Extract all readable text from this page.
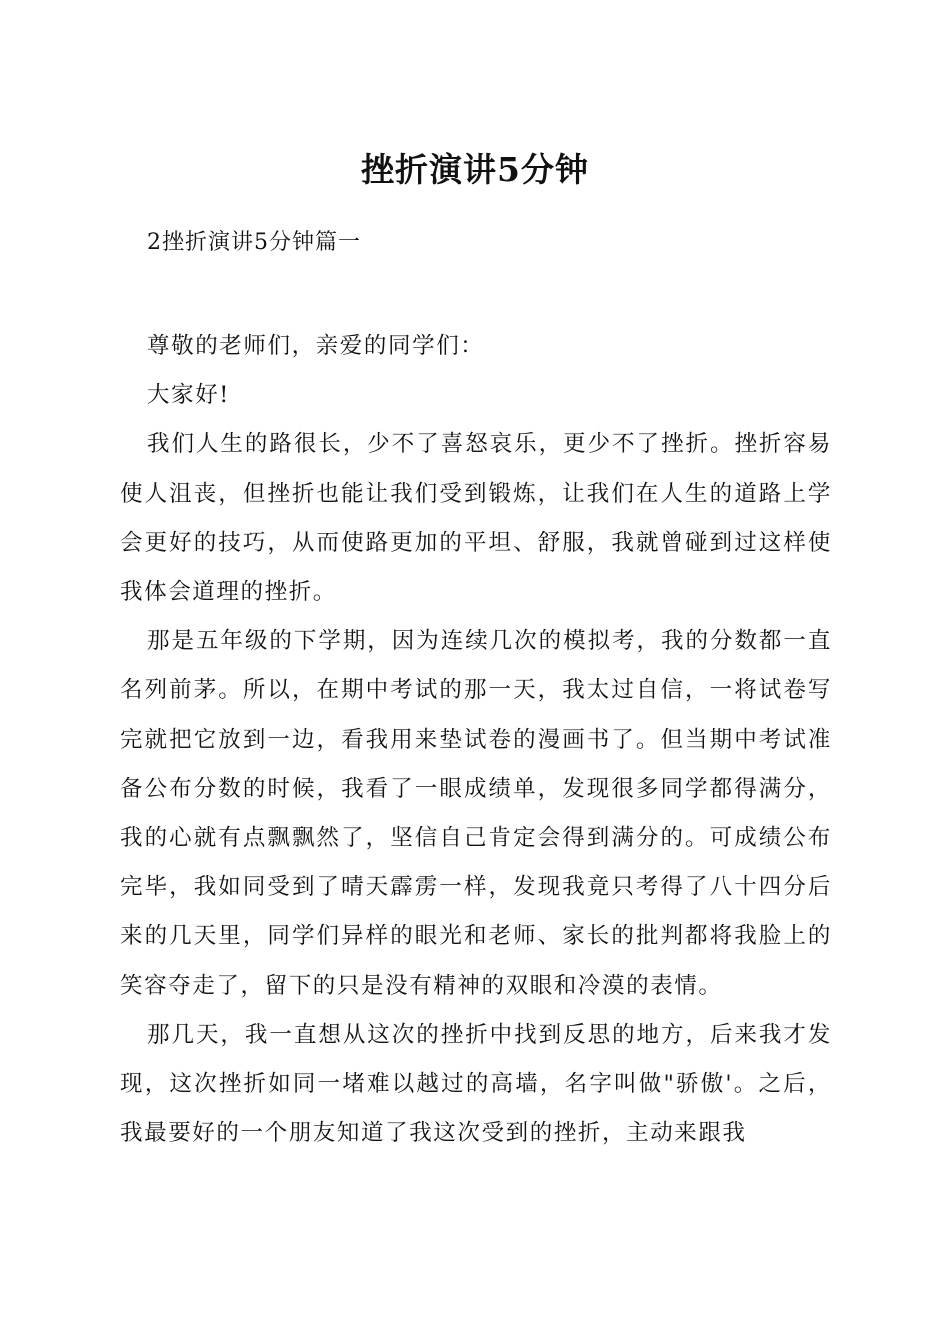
挫折演讲5分钟
2挫折演讲5分钟篇一

尊敬的老师们，亲爱的同学们：

大家好!

我们人生的路很长，少不了喜怒哀乐，更少不了挫折。挫折容易使人沮丧，但挫折也能让我们受到锻炼，让我们在人生的道路上学会更好的技巧，从而使路更加的平坦、舒服，我就曾碰到过这样使我体会道理的挫折。

那是五年级的下学期，因为连续几次的模拟考，我的分数都一直名列前茅。所以，在期中考试的那一天，我太过自信，一将试卷写完就把它放到一边，看我用来垫试卷的漫画书了。但当期中考试准备公布分数的时候，我看了一眼成绩单，发现很多同学都得满分，我的心就有点飘飘然了，坚信自己肯定会得到满分的。可成绩公布完毕，我如同受到了晴天霹雳一样，发现我竟只考得了八十四分后来的几天里，同学们异样的眼光和老师、家长的批判都将我脸上的笑容夺走了，留下的只是没有精神的双眼和冷漠的表情。

那几天，我一直想从这次的挫折中找到反思的地方，后来我才发现，这次挫折如同一堵难以越过的高墙，名字叫做"骄傲'。之后，我最要好的一个朋友知道了我这次受到的挫折，主动来跟我
